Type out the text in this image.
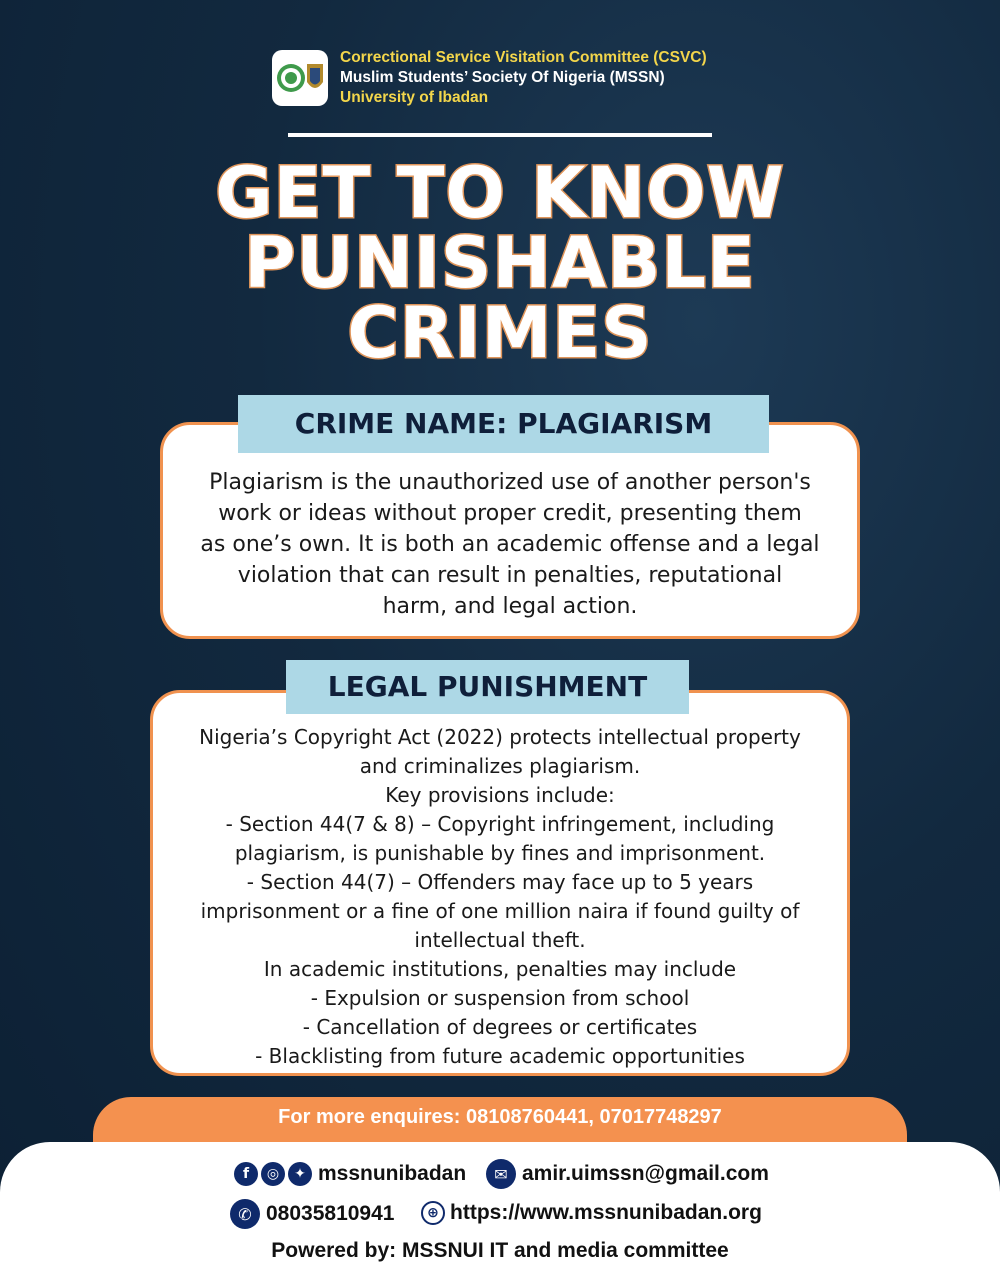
Correctional Service Visitation Committee (CSVC)
Muslim Students’ Society Of Nigeria (MSSN)
University of Ibadan
GET TO KNOW
PUNISHABLE
CRIMES

Plagiarism is the unauthorized use of another person's

work or ideas without proper credit, presenting them

as one’s own. It is both an academic offense and a legal

violation that can result in penalties, reputational

harm, and legal action.

CRIME NAME: PLAGIARISM

Nigeria’s Copyright Act (2022) protects intellectual property

and criminalizes plagiarism.

Key provisions include:

- Section 44(7 & 8) – Copyright infringement, including

plagiarism, is punishable by fines and imprisonment.

- Section 44(7) – Offenders may face up to 5 years

imprisonment or a fine of one million naira if found guilty of

intellectual theft.

In academic institutions, penalties may include

- Expulsion or suspension from school

- Cancellation of degrees or certificates

- Blacklisting from future academic opportunities

LEGAL PUNISHMENT
For more enquires: 08108760441, 07017748297
f	◎	✦ mssnunibadan	✉ amir.uimssn@gmail.com
✆ 08035810941	⊕ https://www.mssnunibadan.org
Powered by: MSSNUI IT and media committee
